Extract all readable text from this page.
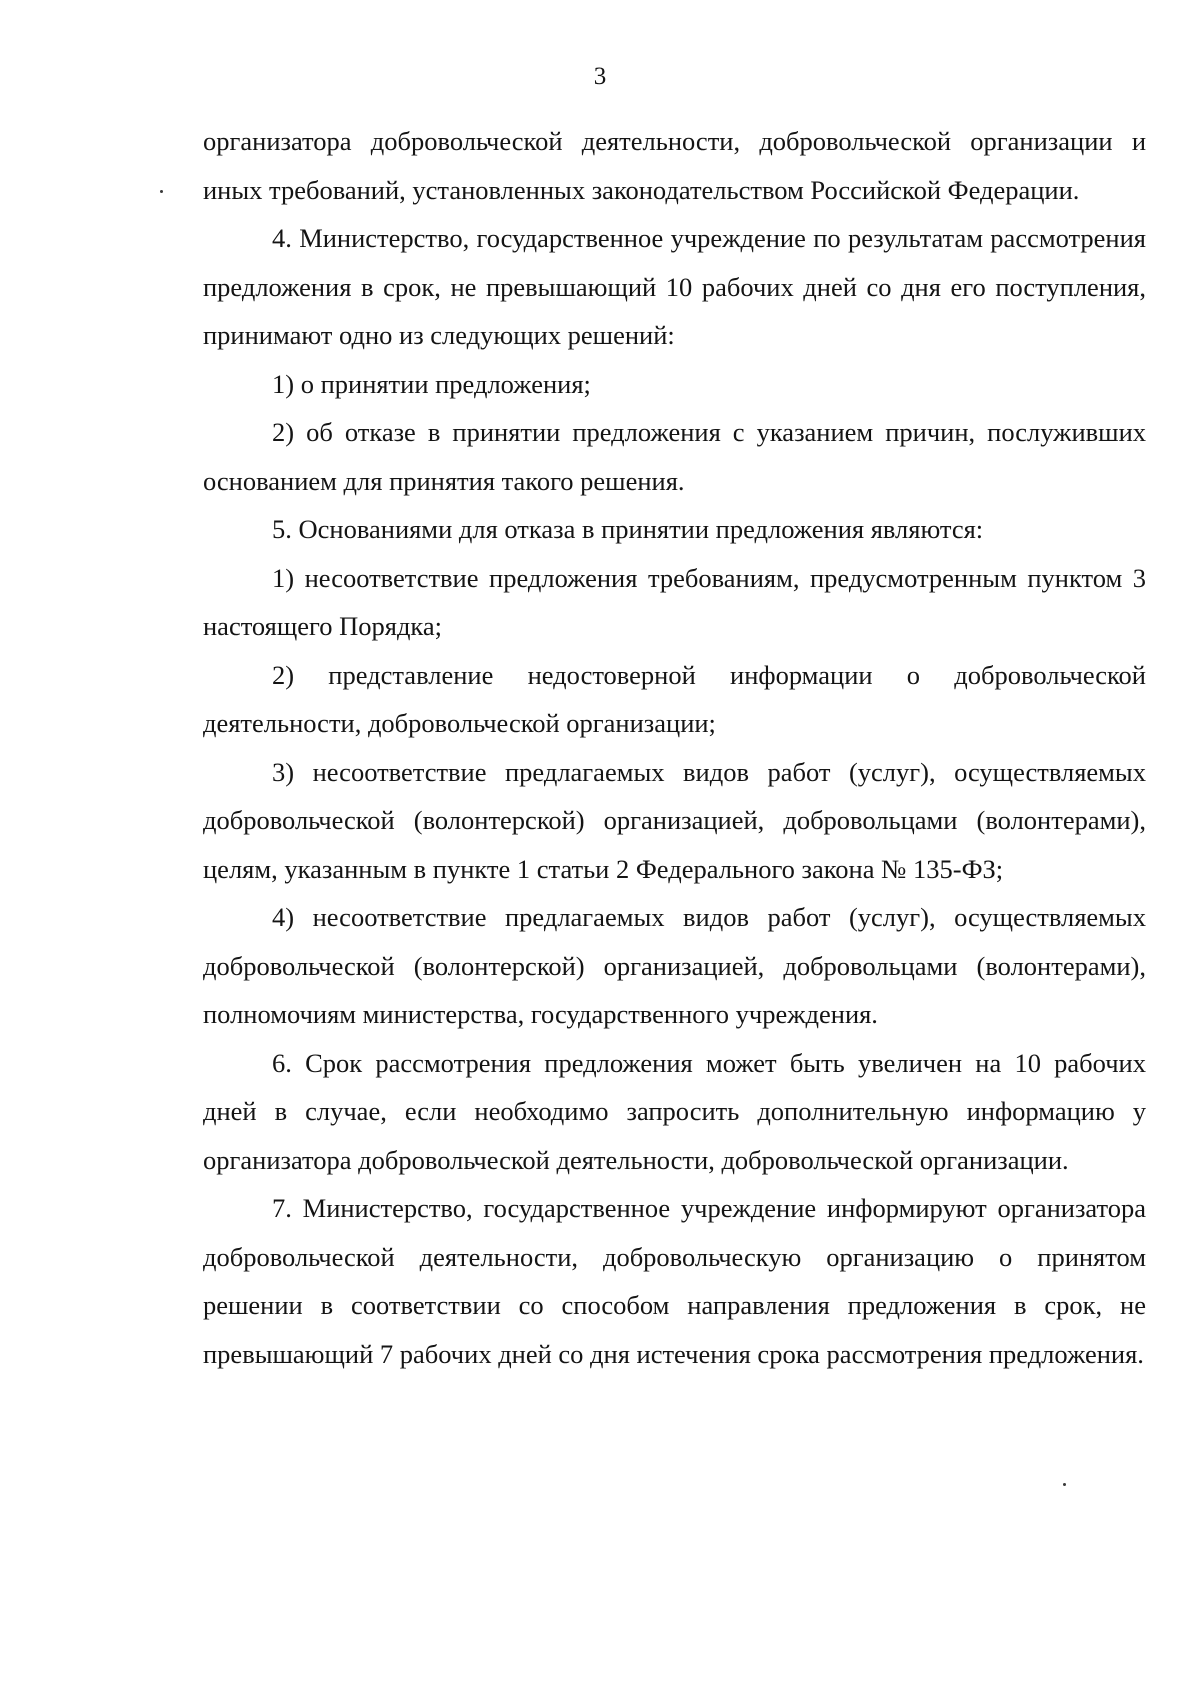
3

организатора добровольческой деятельности, добровольческой организации и иных требований, установленных законодательством Российской Федерации.

4. Министерство, государственное учреждение по результатам рассмотрения предложения в срок, не превышающий 10 рабочих дней со дня его поступления, принимают одно из следующих решений:

1) о принятии предложения;

2) об отказе в принятии предложения с указанием причин, послуживших основанием для принятия такого решения.

5. Основаниями для отказа в принятии предложения являются:

1) несоответствие предложения требованиям, предусмотренным пунктом 3 настоящего Порядка;

2) представление недостоверной информации о добровольческой деятельности, добровольческой организации;

3) несоответствие предлагаемых видов работ (услуг), осуществляемых добровольческой (волонтерской) организацией, добровольцами (волонтерами), целям, указанным в пункте 1 статьи 2 Федерального закона № 135-ФЗ;

4) несоответствие предлагаемых видов работ (услуг), осуществляемых добровольческой (волонтерской) организацией, добровольцами (волонтерами), полномочиям министерства, государственного учреждения.

6. Срок рассмотрения предложения может быть увеличен на 10 рабочих дней в случае, если необходимо запросить дополнительную информацию у организатора добровольческой деятельности, добровольческой организации.

7. Министерство, государственное учреждение информируют организатора добровольческой деятельности, добровольческую организацию о принятом решении в соответствии со способом направления предложения в срок, не превышающий 7 рабочих дней со дня истечения срока рассмотрения предложения.
